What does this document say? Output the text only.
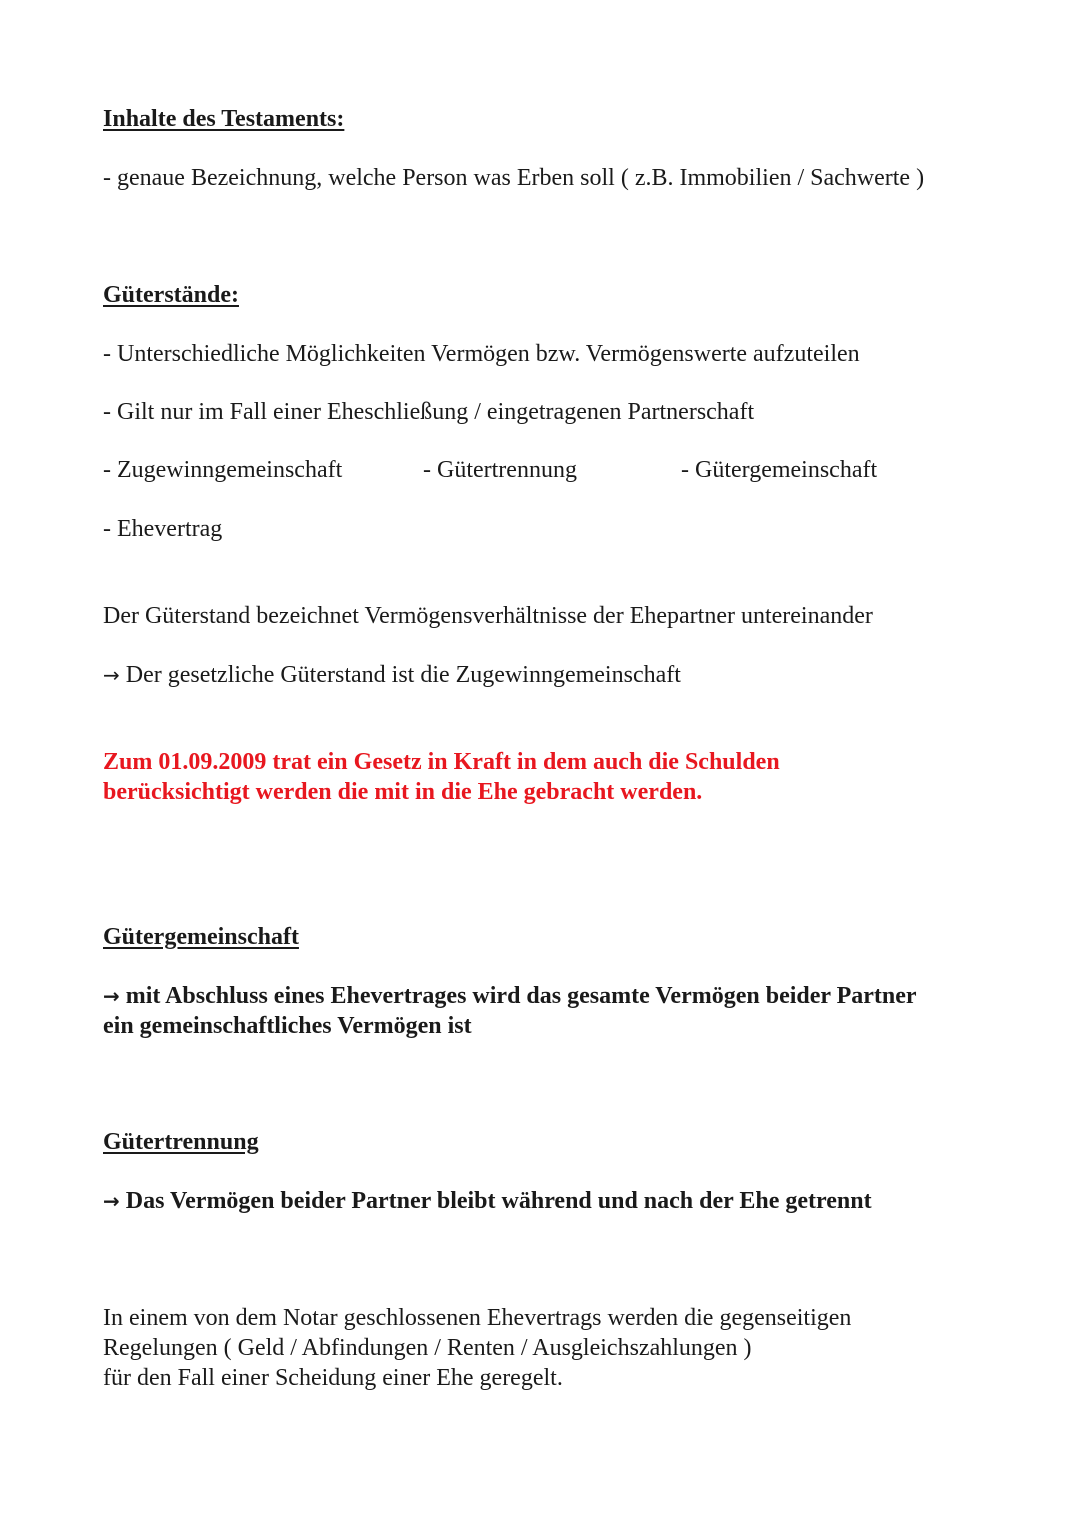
Inhalte des Testaments:

- genaue Bezeichnung, welche Person was Erben soll ( z.B. Immobilien / Sachwerte )

Güterstände:

- Unterschiedliche Möglichkeiten Vermögen bzw. Vermögenswerte aufzuteilen

- Gilt nur im Fall einer Eheschließung / eingetragenen Partnerschaft

- Zugewinngemeinschaft	- Gütertrennung	- Gütergemeinschaft

- Ehevertrag

Der Güterstand bezeichnet Vermögensverhältnisse der Ehepartner untereinander

→ Der gesetzliche Güterstand ist die Zugewinngemeinschaft

Zum 01.09.2009 trat ein Gesetz in Kraft in dem auch die Schulden
berücksichtigt werden die mit in die Ehe gebracht werden.

Gütergemeinschaft

→ mit Abschluss eines Ehevertrages wird das gesamte Vermögen beider Partner
ein gemeinschaftliches Vermögen ist

Gütertrennung

→ Das Vermögen beider Partner bleibt während und nach der Ehe getrennt

In einem von dem Notar geschlossenen Ehevertrags werden die gegenseitigen
Regelungen ( Geld / Abfindungen / Renten / Ausgleichszahlungen )
für den Fall einer Scheidung einer Ehe geregelt.
